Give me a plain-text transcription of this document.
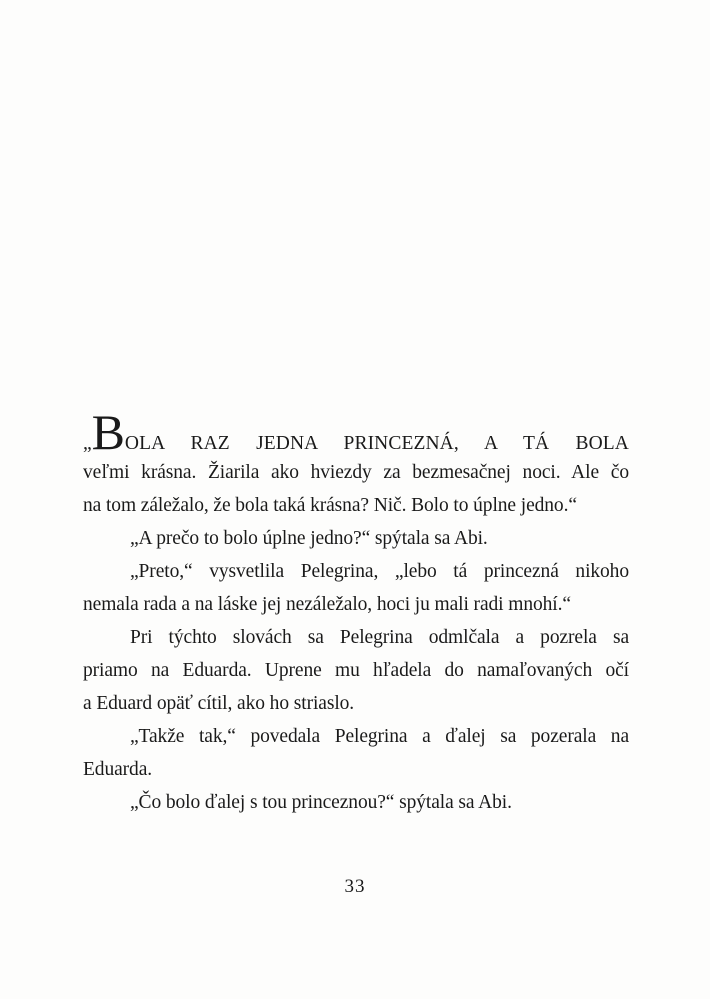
„BOLA RAZ JEDNA PRINCEZNÁ, A TÁ BOLA
veľmi krásna. Žiarila ako hviezdy za bezmesačnej noci. Ale čo
na tom záležalo, že bola taká krásna? Nič. Bolo to úplne jedno.“
„A prečo to bolo úplne jedno?“ spýtala sa Abi.
„Preto,“ vysvetlila Pelegrina, „lebo tá princezná nikoho
nemala rada a na láske jej nezáležalo, hoci ju mali radi mnohí.“
Pri týchto slovách sa Pelegrina odmlčala a pozrela sa
priamo na Eduarda. Uprene mu hľadela do namaľovaných očí
a Eduard opäť cítil, ako ho striaslo.
„Takže tak,“ povedala Pelegrina a ďalej sa pozerala na
Eduarda.
„Čo bolo ďalej s tou princeznou?“ spýtala sa Abi.
33
